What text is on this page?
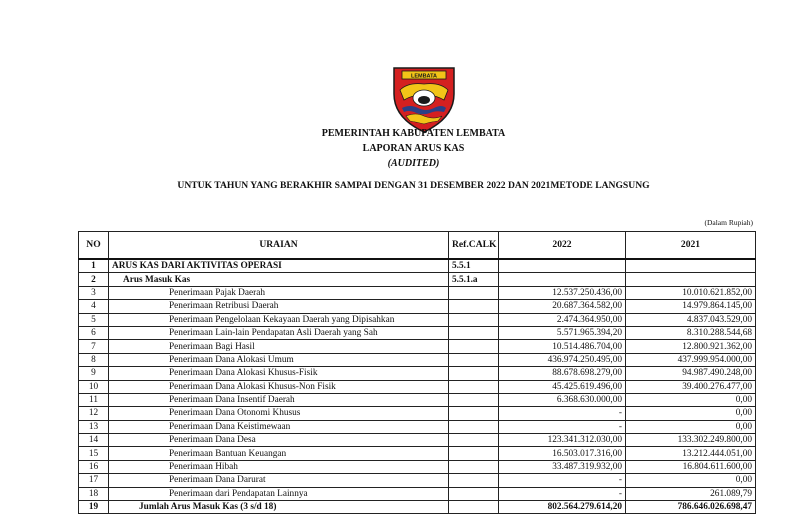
LEMBATA
PEMERINTAH KABUPATEN LEMBATA
LAPORAN ARUS KAS
(AUDITED)
UNTUK TAHUN YANG BERAKHIR SAMPAI DENGAN 31 DESEMBER 2022 DAN 2021METODE LANGSUNG
(Dalam Rupiah)
NO	URAIAN	Ref.CALK	2022	2021
1	ARUS KAS DARI AKTIVITAS OPERASI	5.5.1		
2	Arus Masuk Kas	5.5.1.a		
3	Penerimaan Pajak Daerah		12.537.250.436,00	10.010.621.852,00
4	Penerimaan Retribusi Daerah		20.687.364.582,00	14.979.864.145,00
5	Penerimaan Pengelolaan Kekayaan Daerah yang Dipisahkan		2.474.364.950,00	4.837.043.529,00
6	Penerimaan Lain-lain Pendapatan Asli Daerah yang Sah		5.571.965.394,20	8.310.288.544,68
7	Penerimaan Bagi Hasil		10.514.486.704,00	12.800.921.362,00
8	Penerimaan Dana Alokasi Umum		436.974.250.495,00	437.999.954.000,00
9	Penerimaan Dana Alokasi Khusus-Fisik		88.678.698.279,00	94.987.490.248,00
10	Penerimaan Dana Alokasi Khusus-Non Fisik		45.425.619.496,00	39.400.276.477,00
11	Penerimaan Dana Insentif Daerah		6.368.630.000,00	0,00
12	Penerimaan Dana Otonomi Khusus		-	0,00
13	Penerimaan Dana Keistimewaan		-	0,00
14	Penerimaan Dana Desa		123.341.312.030,00	133.302.249.800,00
15	Penerimaan Bantuan Keuangan		16.503.017.316,00	13.212.444.051,00
16	Penerimaan Hibah		33.487.319.932,00	16.804.611.600,00
17	Penerimaan Dana Darurat		-	0,00
18	Penerimaan dari Pendapatan Lainnya		-	261.089,79
19	Jumlah Arus Masuk Kas (3 s/d 18)		802.564.279.614,20	786.646.026.698,47
